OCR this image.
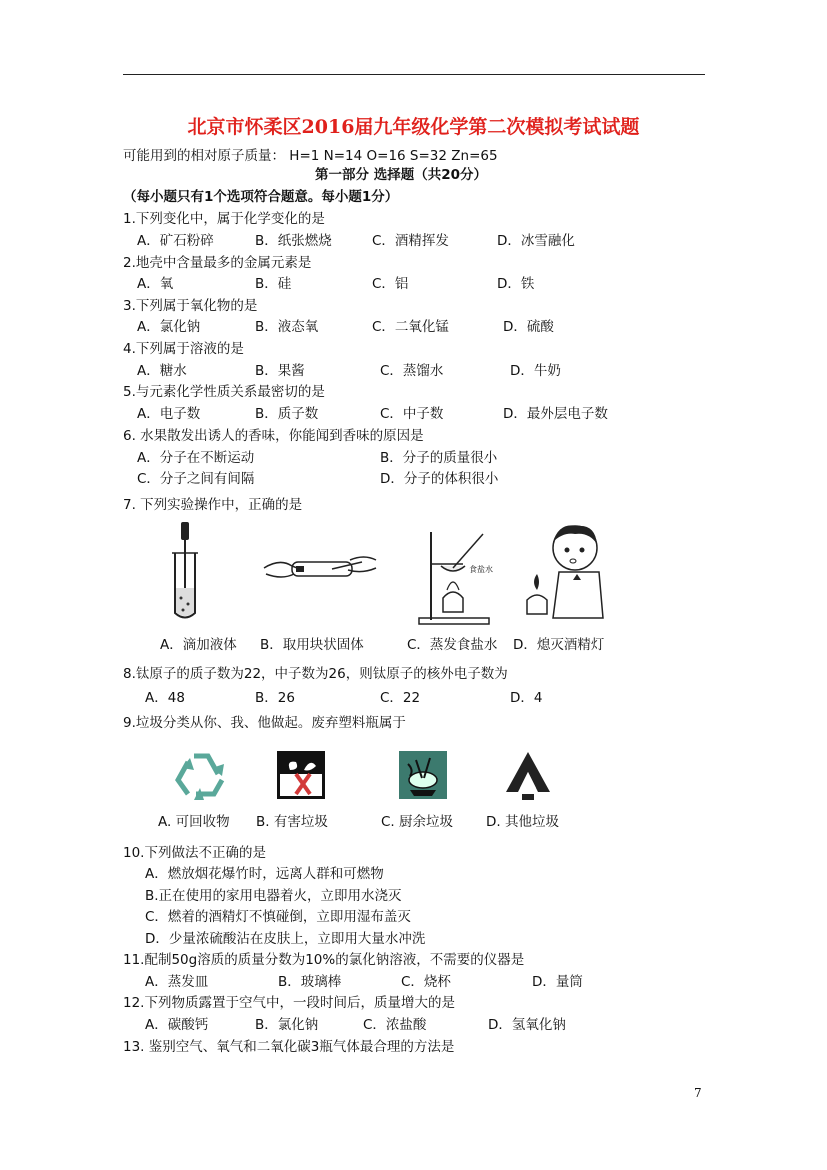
北京市怀柔区2016届九年级化学第二次模拟考试试题
可能用到的相对原子质量： H=1 N=14 O=16 S=32 Zn=65
第一部分 选择题（共20分）
（每小题只有1个选项符合题意。每小题1分）
1.下列变化中，属于化学变化的是
A．矿石粉碎	B．纸张燃烧	C．酒精挥发	D．冰雪融化
2.地壳中含量最多的金属元素是
A．氧	B．硅	C．铝	D．铁
3.下列属于氧化物的是
A．氯化钠	B．液态氧	C．二氧化锰	D．硫酸
4.下列属于溶液的是
A．糖水	B．果酱	C．蒸馏水	D．牛奶
5.与元素化学性质关系最密切的是
A．电子数	B．质子数	C．中子数	D．最外层电子数
6. 水果散发出诱人的香味，你能闻到香味的原因是
A．分子在不断运动	B．分子的质量很小
C．分子之间有间隔	D．分子的体积很小
7. 下列实验操作中，正确的是
食盐水
A．滴加液体 B．取用块状固体	C．蒸发食盐水 D．熄灭酒精灯
8.钛原子的质子数为22，中子数为26，则钛原子的核外电子数为
A．48	B．26	C．22	D．4
9.垃圾分类从你、我、他做起。废弃塑料瓶属于
A. 可回收物 B. 有害垃圾	C. 厨余垃圾 D. 其他垃圾
10.下列做法不正确的是
A．燃放烟花爆竹时，远离人群和可燃物
B.正在使用的家用电器着火，立即用水浇灭
C．燃着的酒精灯不慎碰倒，立即用湿布盖灭
D．少量浓硫酸沾在皮肤上，立即用大量水冲洗
11.配制50g溶质的质量分数为10%的氯化钠溶液，不需要的仪器是
A．蒸发皿	B．玻璃棒	C．烧杯	D．量筒
12.下列物质露置于空气中，一段时间后，质量增大的是
A．碳酸钙	B．氯化钠	C．浓盐酸	D．氢氧化钠
13. 鉴别空气、氧气和二氧化碳3瓶气体最合理的方法是
7
